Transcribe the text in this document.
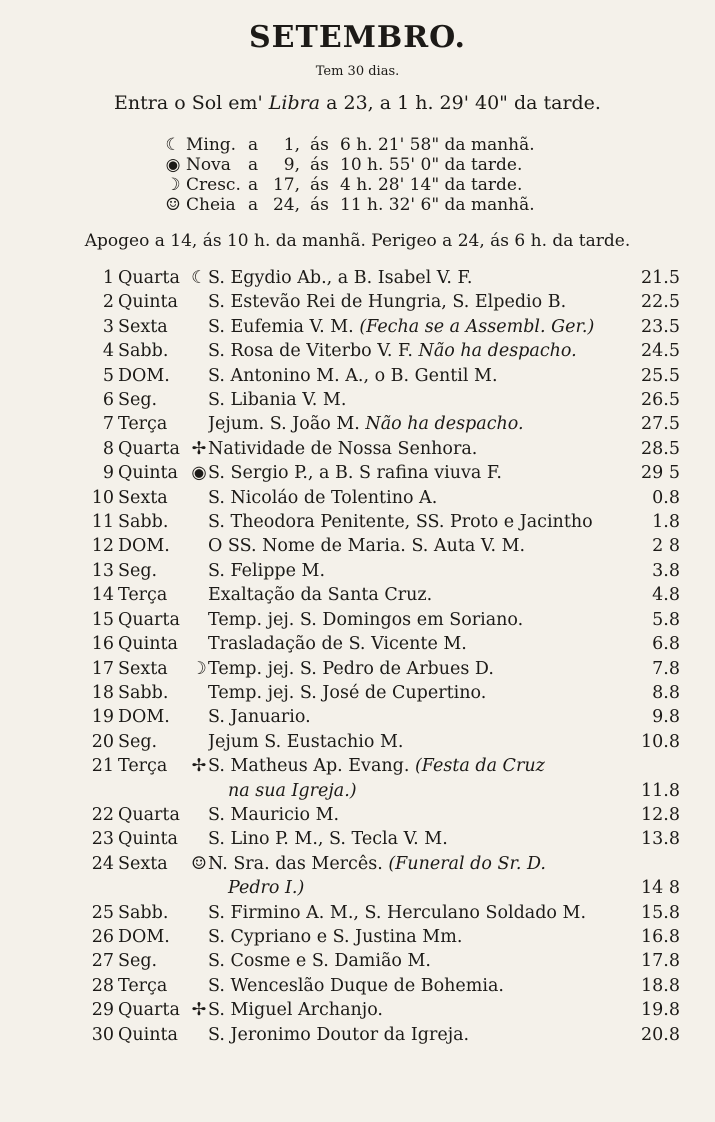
SETEMBRO.
Tem 30 dias.
Entra o Sol em' Libra a 23, a 1 h. 29' 40" da tarde.
☾ Ming. a	1, ás 6 h. 21' 58" da manhã.
◉ Nova	a	9, ás 10 h. 55' 0" da tarde.
☽ Cresc. a 17, ás 4 h. 28' 14" da tarde.
☺ Cheia a 24, ás 11 h. 32' 6" da manhã.
Apogeo a 14, ás 10 h. da manhã. Perigeo a 24, ás 6 h. da tarde.
1 Quarta ☾ S. Egydio Ab., a B. Isabel V. F.	21.5
2 Quinta	S. Estevão Rei de Hungria, S. Elpedio B.	22.5
3 Sexta	S. Eufemia V. M. (Fecha se a Assembl. Ger.)	23.5
4 Sabb.	S. Rosa de Viterbo V. F. Não ha despacho.	24.5
5 DOM.	S. Antonino M. A., o B. Gentil M.	25.5
6 Seg.	S. Libania V. M.	26.5
7 Terça	Jejum. S. João M. Não ha despacho.	27.5
8 Quarta ✢ Natividade de Nossa Senhora.	28.5
9 Quinta ◉ S. Sergio P., a B. S rafina viuva F.	29 5
10 Sexta	S. Nicoláo de Tolentino A.	0.8
11 Sabb.	S. Theodora Penitente, SS. Proto e Jacintho	1.8
12 DOM.	O SS. Nome de Maria. S. Auta V. M.	2 8
13 Seg.	S. Felippe M.	3.8
14 Terça	Exaltação da Santa Cruz.	4.8
15 Quarta	Temp. jej. S. Domingos em Soriano.	5.8
16 Quinta	Trasladação de S. Vicente M.	6.8
17 Sexta	☽ Temp. jej. S. Pedro de Arbues D.	7.8
18 Sabb.	Temp. jej. S. José de Cupertino.	8.8
19 DOM.	S. Januario.	9.8
20 Seg.	Jejum S. Eustachio M.	10.8
21 Terça	✢ S. Matheus Ap. Evang. (Festa da Cruz
na sua Igreja.)	11.8
22 Quarta	S. Mauricio M.	12.8
23 Quinta	S. Lino P. M., S. Tecla V. M.	13.8
24 Sexta	☺ N. Sra. das Mercês. (Funeral do Sr. D.
Pedro I.)	14 8
25 Sabb.	S. Firmino A. M., S. Herculano Soldado M.	15.8
26 DOM.	S. Cypriano e S. Justina Mm.	16.8
27 Seg.	S. Cosme e S. Damião M.	17.8
28 Terça	S. Wenceslão Duque de Bohemia.	18.8
29 Quarta ✢ S. Miguel Archanjo.	19.8
30 Quinta	S. Jeronimo Doutor da Igreja.	20.8
